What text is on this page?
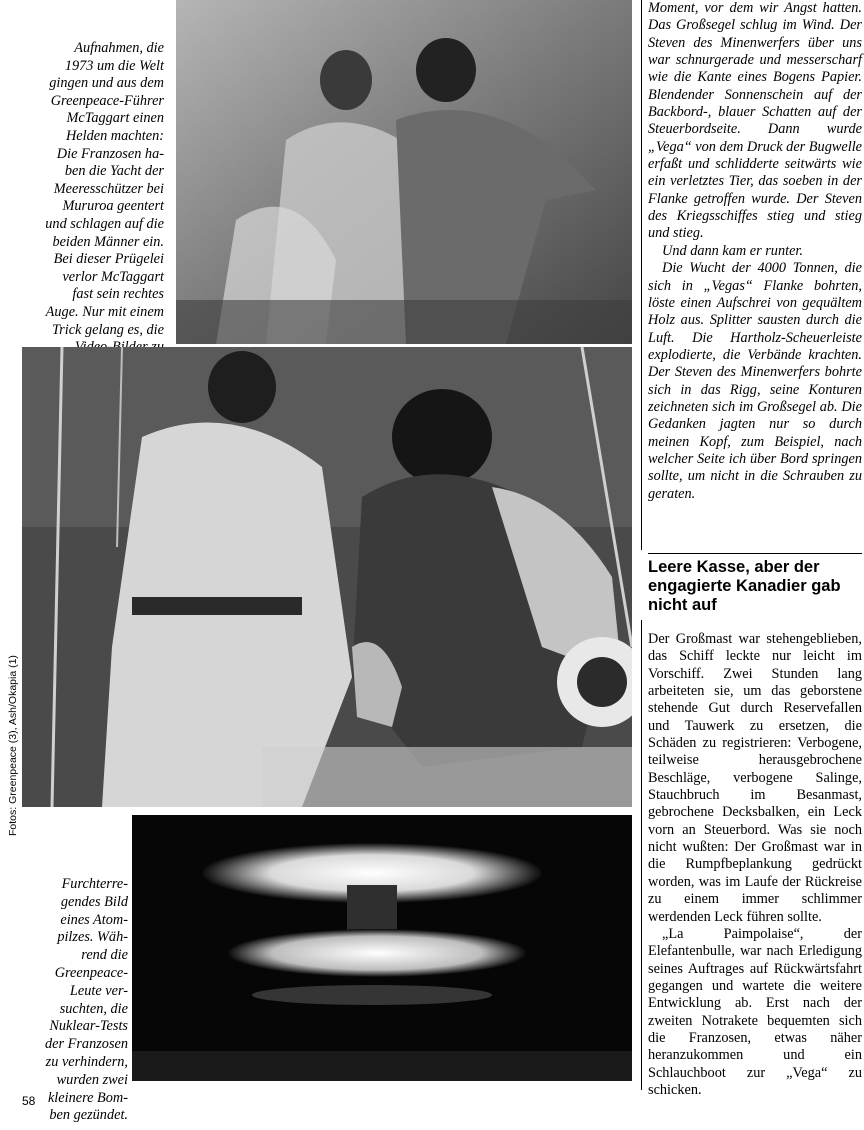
Aufnahmen, die
1973 um die Welt
gingen und aus dem
Greenpeace-Führer
McTaggart einen
Helden machten:
Die Franzosen ha-
ben die Yacht der
Meeresschützer bei
Mururoa geentert
und schlagen auf die
beiden Männer ein.
Bei dieser Prügelei
verlor McTaggart
fast sein rechtes
Auge. Nur mit einem
Trick gelang es, die

Fotos: Greenpeace (3), Ash/Okapia (1)
Furchterre-
gendes Bild
eines Atom-
pilzes. Wäh-
rend die
Greenpeace-
Leute ver-
suchten, die
Nuklear-Tests
der Franzosen
zu verhindern,
wurden zwei
kleinere Bom-
ben gezündet.
Moment, vor dem wir Angst hatten. Das Großsegel schlug im Wind. Der Steven des Minenwerfers über uns war schnurgerade und messerscharf wie die Kante eines Bogens Papier. Blendender Sonnenschein auf der Backbord-, blauer Schatten auf der Steuerbordseite. Dann wurde „Vega“ von dem Druck der Bugwelle erfaßt und schlidderte seitwärts wie ein verletztes Tier, das soeben in der Flanke getroffen wurde. Der Steven des Kriegsschiffes stieg und stieg und stieg.
Und dann kam er runter.
Die Wucht der 4000 Tonnen, die sich in „Vegas“ Flanke bohrten, löste einen Aufschrei von gequältem Holz aus. Splitter sausten durch die Luft. Die Hartholz-Scheuerleiste explodierte, die Verbände krachten. Der Steven des Minenwerfers bohrte sich in das Rigg, seine Konturen zeichneten sich im Großsegel ab. Die Gedanken jagten nur so durch meinen Kopf, zum Beispiel, nach welcher Seite ich über Bord springen sollte, um nicht in die Schrauben zu geraten.
Leere Kasse, aber der engagierte Kanadier gab nicht auf
Der Großmast war stehengeblieben, das Schiff leckte nur leicht im Vorschiff. Zwei Stunden lang arbeiteten sie, um das geborstene stehende Gut durch Reservefallen und Tauwerk zu ersetzen, die Schäden zu registrieren: Verbogene, teilweise herausgebrochene Beschläge, verbogene Salinge, Stauchbruch im Besanmast, gebrochene Decksbalken, ein Leck vorn an Steuerbord. Was sie noch nicht wußten: Der Großmast war in die Rumpfbeplankung gedrückt worden, was im Laufe der Rückreise zu einem immer schlimmer werdenden Leck führen sollte.
„La Paimpolaise“, der Elefantenbulle, war nach Erledigung seines Auftrages auf Rückwärtsfahrt gegangen und wartete die weitere Entwicklung ab. Erst nach der zweiten Notrakete bequemten sich die Franzosen, etwas näher heranzukommen und ein Schlauchboot zur „Vega“ zu schicken.
58
